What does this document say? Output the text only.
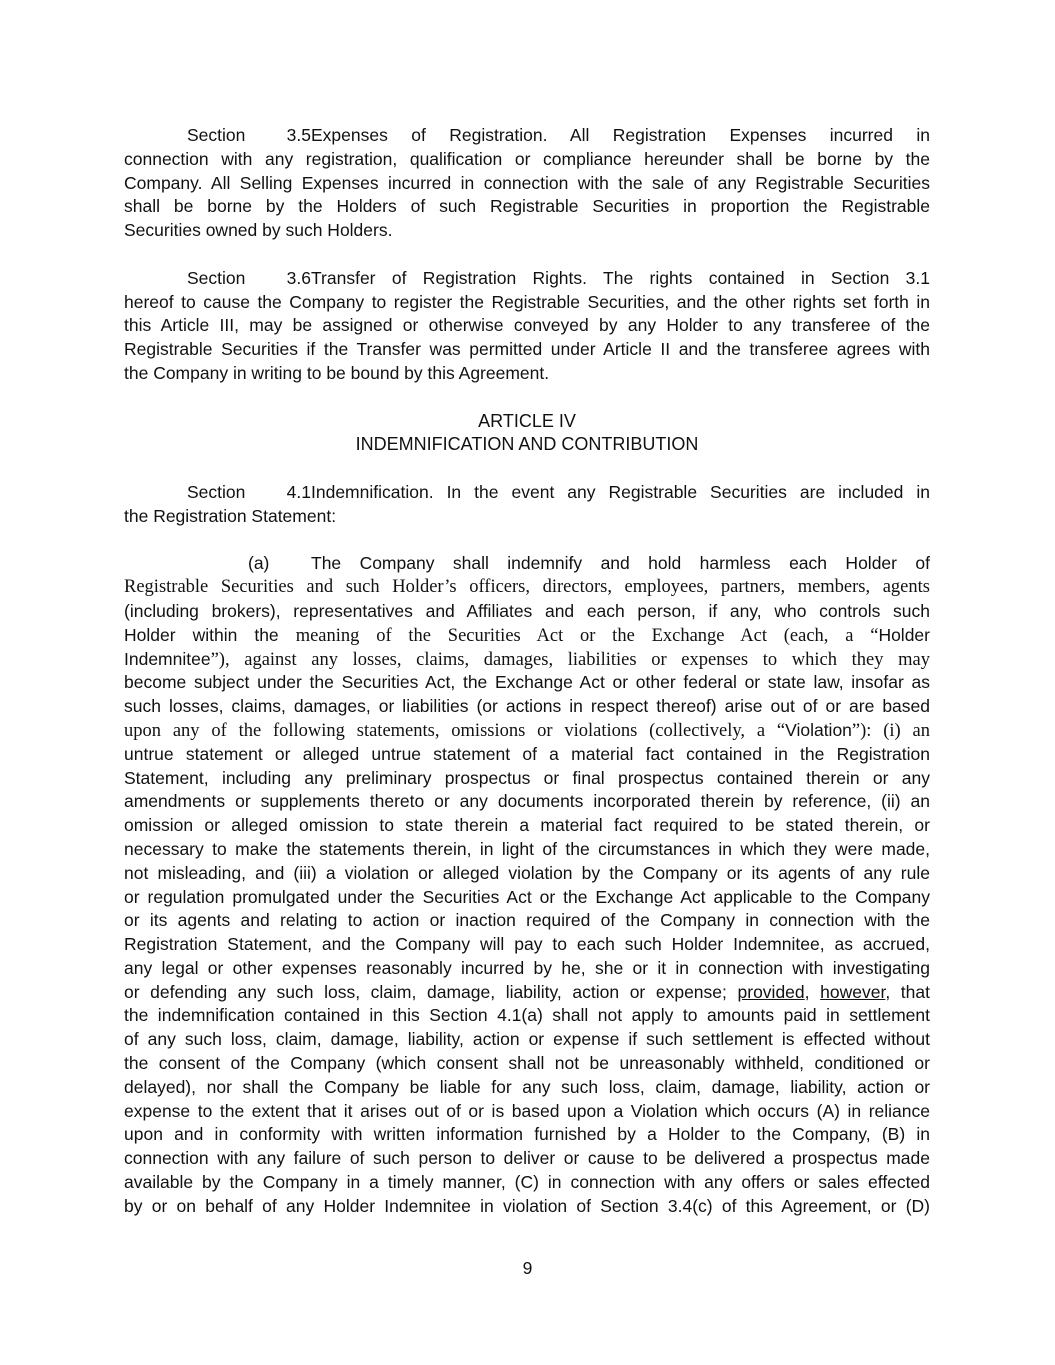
Section 3.5Expenses of Registration. All Registration Expenses incurred in
connection with any registration, qualification or compliance hereunder shall be borne by the
Company. All Selling Expenses incurred in connection with the sale of any Registrable Securities
shall be borne by the Holders of such Registrable Securities in proportion the Registrable
Securities owned by such Holders.
Section 3.6Transfer of Registration Rights. The rights contained in Section 3.1
hereof to cause the Company to register the Registrable Securities, and the other rights set forth in
this Article III, may be assigned or otherwise conveyed by any Holder to any transferee of the
Registrable Securities if the Transfer was permitted under Article II and the transferee agrees with
the Company in writing to be bound by this Agreement.
ARTICLE IV
INDEMNIFICATION AND CONTRIBUTION
Section 4.1Indemnification. In the event any Registrable Securities are included in
the Registration Statement:
(a) The Company shall indemnify and hold harmless each Holder of
Registrable Securities and such Holder’s officers, directors, employees, partners, members, agents
(including brokers), representatives and Affiliates and each person, if any, who controls such
Holder within the meaning of the Securities Act or the Exchange Act (each, a “Holder
Indemnitee”), against any losses, claims, damages, liabilities or expenses to which they may
become subject under the Securities Act, the Exchange Act or other federal or state law, insofar as
such losses, claims, damages, or liabilities (or actions in respect thereof) arise out of or are based
upon any of the following statements, omissions or violations (collectively, a “Violation”): (i) an
untrue statement or alleged untrue statement of a material fact contained in the Registration
Statement, including any preliminary prospectus or final prospectus contained therein or any
amendments or supplements thereto or any documents incorporated therein by reference, (ii) an
omission or alleged omission to state therein a material fact required to be stated therein, or
necessary to make the statements therein, in light of the circumstances in which they were made,
not misleading, and (iii) a violation or alleged violation by the Company or its agents of any rule
or regulation promulgated under the Securities Act or the Exchange Act applicable to the Company
or its agents and relating to action or inaction required of the Company in connection with the
Registration Statement, and the Company will pay to each such Holder Indemnitee, as accrued,
any legal or other expenses reasonably incurred by he, she or it in connection with investigating
or defending any such loss, claim, damage, liability, action or expense; provided, however, that
the indemnification contained in this Section 4.1(a) shall not apply to amounts paid in settlement
of any such loss, claim, damage, liability, action or expense if such settlement is effected without
the consent of the Company (which consent shall not be unreasonably withheld, conditioned or
delayed), nor shall the Company be liable for any such loss, claim, damage, liability, action or
expense to the extent that it arises out of or is based upon a Violation which occurs (A) in reliance
upon and in conformity with written information furnished by a Holder to the Company, (B) in
connection with any failure of such person to deliver or cause to be delivered a prospectus made
available by the Company in a timely manner, (C) in connection with any offers or sales effected
by or on behalf of any Holder Indemnitee in violation of Section 3.4(c) of this Agreement, or (D)
9
